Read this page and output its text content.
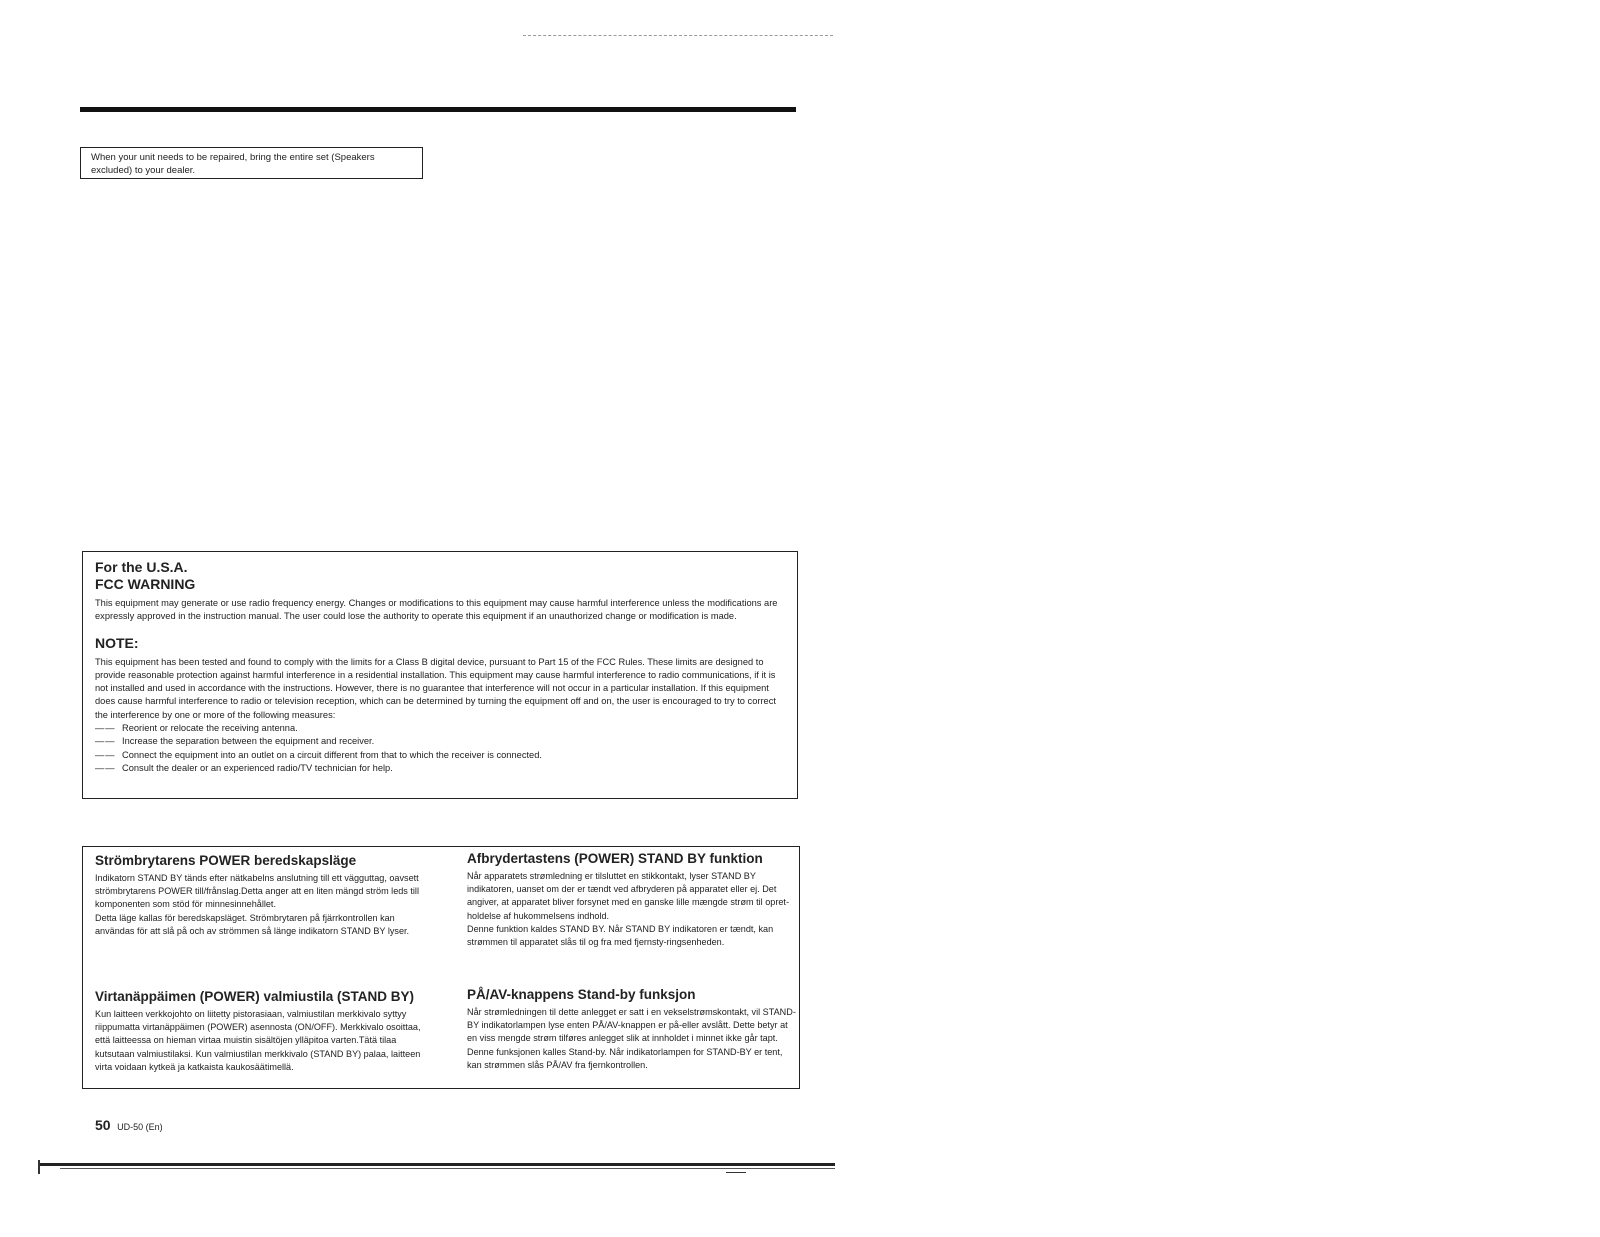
When your unit needs to be repaired, bring the entire set (Speakers excluded) to your dealer.
For the U.S.A.
FCC WARNING

This equipment may generate or use radio frequency energy. Changes or modifications to this equipment may cause harmful interference unless the modifications are expressly approved in the instruction manual. The user could lose the authority to operate this equipment if an unauthorized change or modification is made.

NOTE:

This equipment has been tested and found to comply with the limits for a Class B digital device, pursuant to Part 15 of the FCC Rules. These limits are designed to provide reasonable protection against harmful interference in a residential installation. This equipment may cause harmful interference to radio communications, if it is not installed and used in accordance with the instructions. However, there is no guarantee that interference will not occur in a particular installation. If this equipment does cause harmful interference to radio or television reception, which can be determined by turning the equipment off and on, the user is encouraged to try to correct the interference by one or more of the following measures:

—— Reorient or relocate the receiving antenna.
—— Increase the separation between the equipment and receiver.
—— Connect the equipment into an outlet on a circuit different from that to which the receiver is connected.
—— Consult the dealer or an experienced radio/TV technician for help.
Strömbrytarens POWER beredskapsläge

Indikatorn STAND BY tänds efter nätkabelns anslutning till ett vägguttag, oavsett strömbrytarens POWER till/frånslag.Detta anger att en liten mängd ström leds till komponenten som stöd för minnesinnehållet.

Detta läge kallas för beredskapsläget. Strömbrytaren på fjärrkontrollen kan användas för att slå på och av strömmen så länge indikatorn STAND BY lyser.

Afbrydertastens (POWER) STAND BY funktion

Når apparatets strømledning er tilsluttet en stikkontakt, lyser STAND BY indikatoren, uanset om der er tændt ved afbryderen på apparatet eller ej. Det angiver, at apparatet bliver forsynet med en ganske lille mængde strøm til opret-holdelse af hukommelsens indhold.

Denne funktion kaldes STAND BY. Når STAND BY indikatoren er tændt, kan strømmen til apparatet slås til og fra med fjernsty-ringsenheden.

Virtanäppäimen (POWER) valmiustila (STAND BY)

Kun laitteen verkkojohto on liitetty pistorasiaan, valmiustilan merkkivalo syttyy riippumatta virtanäppäimen (POWER) asennosta (ON/OFF). Merkkivalo osoittaa, että laitteessa on hieman virtaa muistin sisältöjen ylläpitoa varten.Tätä tilaa kutsutaan valmiustilaksi. Kun valmiustilan merkkivalo (STAND BY) palaa, laitteen virta voidaan kytkeä ja katkaista kaukosäätimellä.

PÅ/AV-knappens Stand-by funksjon

Når strømledningen til dette anlegget er satt i en vekselstrømskontakt, vil STAND-BY indikatorlampen lyse enten PÅ/AV-knappen er på-eller avslått. Dette betyr at en viss mengde strøm tilføres anlegget slik at innholdet i minnet ikke går tapt.

Denne funksjonen kalles Stand-by. Når indikatorlampen for STAND-BY er tent, kan strømmen slås PÅ/AV fra fjernkontrollen.

50 UD-50 (En)
